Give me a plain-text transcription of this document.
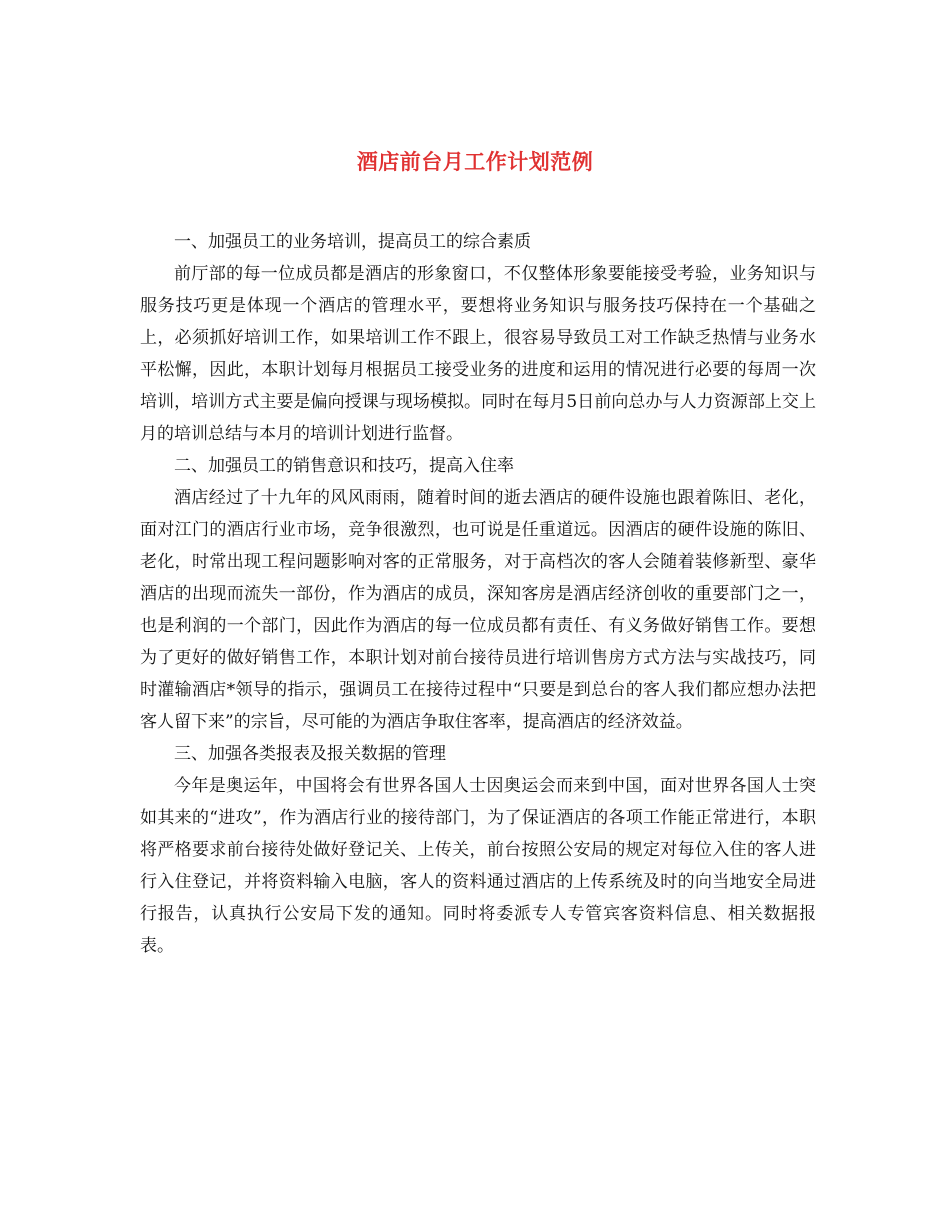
酒店前台月工作计划范例

一、加强员工的业务培训，提高员工的综合素质

前厅部的每一位成员都是酒店的形象窗口，不仅整体形象要能接受考验，业务知识与服务技巧更是体现一个酒店的管理水平，要想将业务知识与服务技巧保持在一个基础之上，必须抓好培训工作，如果培训工作不跟上，很容易导致员工对工作缺乏热情与业务水平松懈，因此，本职计划每月根据员工接受业务的进度和运用的情况进行必要的每周一次培训，培训方式主要是偏向授课与现场模拟。同时在每月5日前向总办与人力资源部上交上月的培训总结与本月的培训计划进行监督。

二、加强员工的销售意识和技巧，提高入住率

酒店经过了十九年的风风雨雨，随着时间的逝去酒店的硬件设施也跟着陈旧、老化，面对江门的酒店行业市场，竞争很激烈，也可说是任重道远。因酒店的硬件设施的陈旧、老化，时常出现工程问题影响对客的正常服务，对于高档次的客人会随着装修新型、豪华酒店的出现而流失一部份，作为酒店的成员，深知客房是酒店经济创收的重要部门之一，也是利润的一个部门，因此作为酒店的每一位成员都有责任、有义务做好销售工作。要想为了更好的做好销售工作，本职计划对前台接待员进行培训售房方式方法与实战技巧，同时灌输酒店*领导的指示，强调员工在接待过程中“只要是到总台的客人我们都应想办法把客人留下来”的宗旨，尽可能的为酒店争取住客率，提高酒店的经济效益。

三、加强各类报表及报关数据的管理

今年是奥运年，中国将会有世界各国人士因奥运会而来到中国，面对世界各国人士突如其来的“进攻”，作为酒店行业的接待部门，为了保证酒店的各项工作能正常进行，本职将严格要求前台接待处做好登记关、上传关，前台按照公安局的规定对每位入住的客人进行入住登记，并将资料输入电脑，客人的资料通过酒店的上传系统及时的向当地安全局进行报告，认真执行公安局下发的通知。同时将委派专人专管宾客资料信息、相关数据报表。
